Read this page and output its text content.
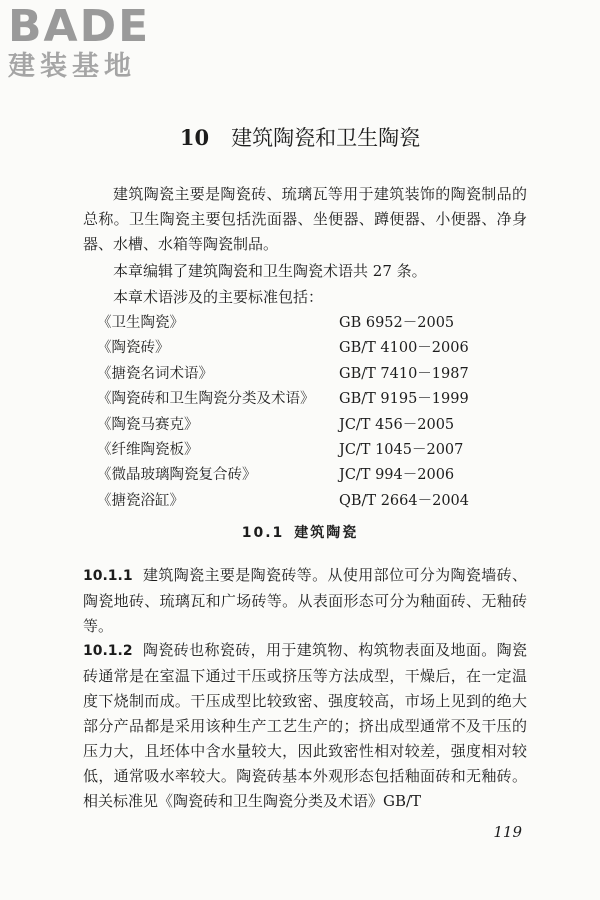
BADE
建装基地
10 建筑陶瓷和卫生陶瓷

建筑陶瓷主要是陶瓷砖、琉璃瓦等用于建筑装饰的陶瓷制品的总称。卫生陶瓷主要包括洗面器、坐便器、蹲便器、小便器、净身器、水槽、水箱等陶瓷制品。

本章编辑了建筑陶瓷和卫生陶瓷术语共 27 条。

本章术语涉及的主要标准包括：

《卫生陶瓷》	GB 6952－2005
《陶瓷砖》	GB/T 4100－2006
《搪瓷名词术语》	GB/T 7410－1987
《陶瓷砖和卫生陶瓷分类及术语》	GB/T 9195－1999
《陶瓷马赛克》	JC/T 456－2005
《纤维陶瓷板》	JC/T 1045－2007
《微晶玻璃陶瓷复合砖》	JC/T 994－2006
《搪瓷浴缸》	QB/T 2664－2004
10.1 建筑陶瓷

10.1.1 建筑陶瓷主要是陶瓷砖等。从使用部位可分为陶瓷墙砖、陶瓷地砖、琉璃瓦和广场砖等。从表面形态可分为釉面砖、无釉砖等。

10.1.2 陶瓷砖也称瓷砖，用于建筑物、构筑物表面及地面。陶瓷砖通常是在室温下通过干压或挤压等方法成型，干燥后，在一定温度下烧制而成。干压成型比较致密、强度较高，市场上见到的绝大部分产品都是采用该种生产工艺生产的；挤出成型通常不及干压的压力大，且坯体中含水量较大，因此致密性相对较差，强度相对较低，通常吸水率较大。陶瓷砖基本外观形态包括釉面砖和无釉砖。相关标准见《陶瓷砖和卫生陶瓷分类及术语》GB/T

119
